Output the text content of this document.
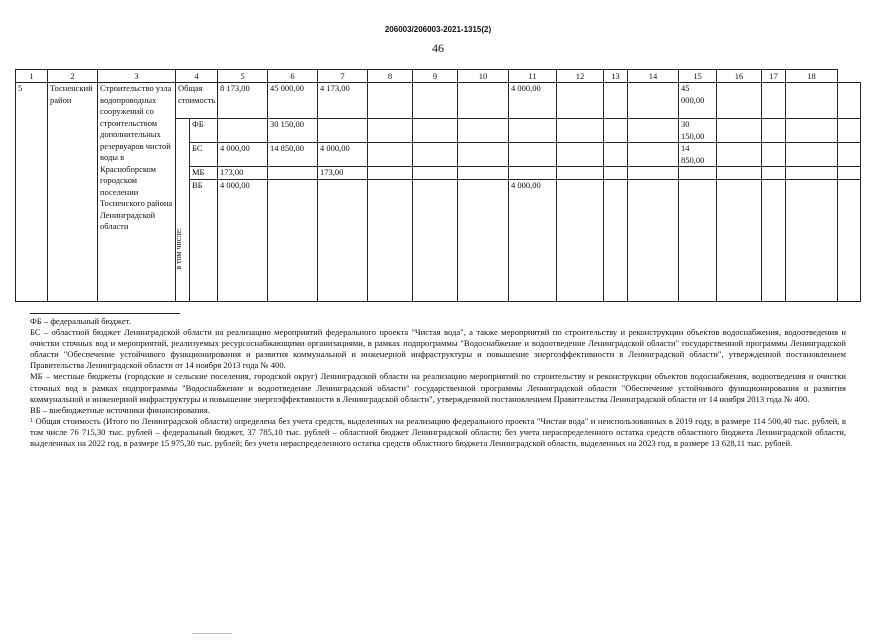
206003/206003-2021-1315(2)
46
1	2	3	4		5	6	7	8	9	10	11	12	13	14	15	16	17	18	
5	Тосненский район	Строительство узла водопроводных сооружений со строительством дополнительных резервуаров чистой воды в Красноборском городском поселении Тосненского района Ленинградской области	Общая стоимость		8 173,00	45 000,00	4 173,00				4 000,00				45 000,00				

			в том числе:	ФБ		30 150,00									30 150,00				
				БС	4 000,00	14 850,00	4 000,00								14 850,00				
				МБ	173,00		173,00												
				ВБ	4 000,00						4 000,00								

ФБ – федеральный бюджет.

БС – областной бюджет Ленинградской области на реализацию мероприятий федерального проекта "Чистая вода", а также мероприятий по строительству и реконструкции объектов водоснабжения, водоотведения и очистки сточных вод и мероприятий, реализуемых ресурсоснабжающими организациями, в рамках подпрограммы "Водоснабжение и водоотведение Ленинградской области" государственной программы Ленинградской области "Обеспечение устойчивого функционирования и развития коммунальной и инженерной инфраструктуры и повышение энергоэффективности в Ленинградской области", утвержденной постановлением Правительства Ленинградской области от 14 ноября 2013 года № 400.

МБ – местные бюджеты (городские и сельские поселения, городской округ) Ленинградской области на реализацию мероприятий по строительству и реконструкции объектов водоснабжения, водоотведения и очистки сточных вод в рамках подпрограммы "Водоснабжение и водоотведение Ленинградской области" государственной программы Ленинградской области "Обеспечение устойчивого функционирования и развития коммунальной и инженерной инфраструктуры и повышение энергоэффективности в Ленинградской области", утвержденной постановлением Правительства Ленинградской области от 14 ноября 2013 года № 400.

ВБ – внебюджетные источники финансирования.

$^1$ Общая стоимость (Итого по Ленинградской области) определена без учета средств, выделенных на реализацию федерального проекта "Чистая вода" и неиспользованных в 2019 году, в размере 114 500,40 тыс. рублей, в том числе 76 715,30 тыс. рублей – федеральный бюджет, 37 785,10 тыс. рублей – областной бюджет Ленинградской области; без учета нераспределенного остатка средств областного бюджета Ленинградской области, выделенных на 2022 год, в размере 15 975,30 тыс. рублей; без учета нераспределенного остатка средств областного бюджета Ленинградской области, выделенных на 2023 год, в размере 13 628,11 тыс. рублей.
